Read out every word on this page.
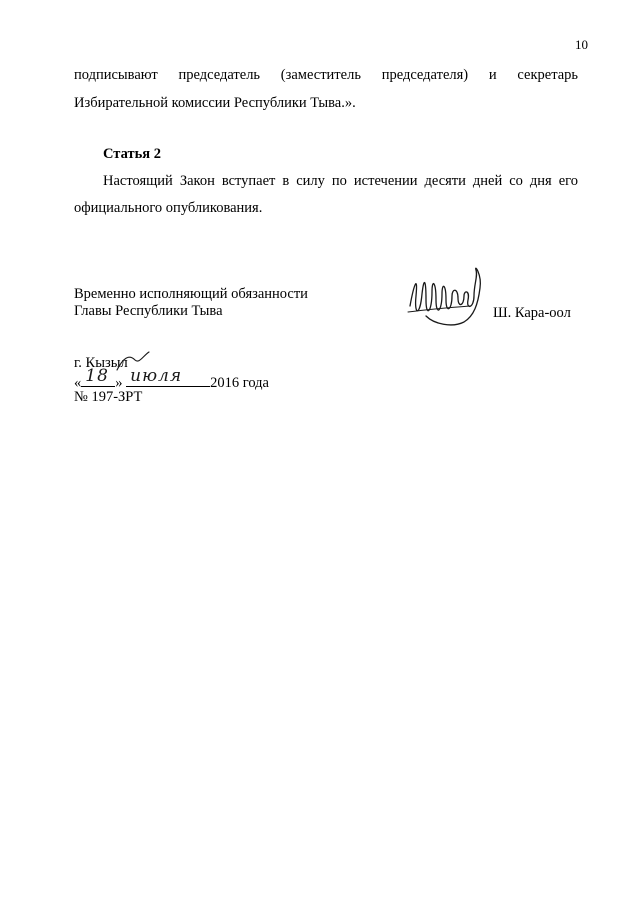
10
подписывают председатель (заместитель председателя) и секретарь
Избирательной комиссии Республики Тыва.».
Статья 2
Настоящий Закон вступает в силу по истечении десяти дней со дня его
официального опубликования.
Временно исполняющий обязанности
Главы Республики Тыва	Ш. Кара-оол
г. Кызыл
« 18 » июля 2016 года
№ 197-ЗРТ
